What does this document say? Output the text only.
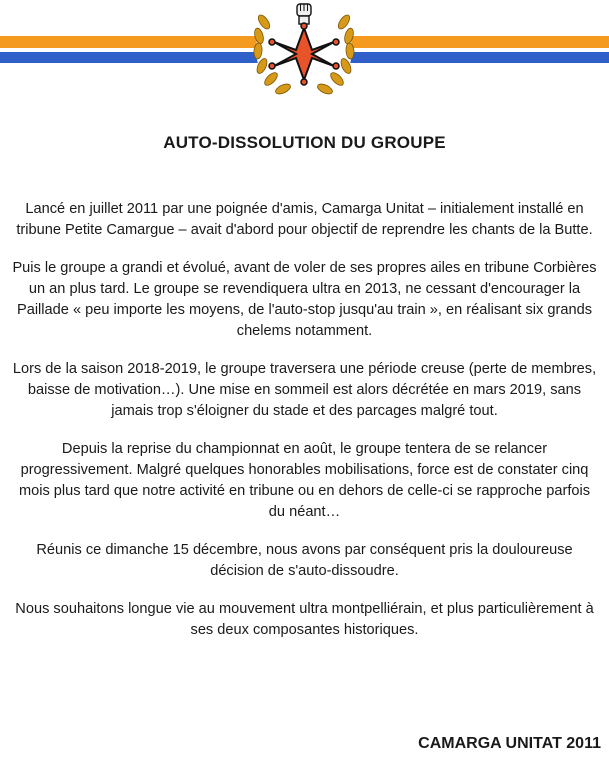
AUTO-DISSOLUTION DU GROUPE

Lancé en juillet 2011 par une poignée d'amis, Camarga Unitat – initialement installé en tribune Petite Camargue – avait d'abord pour objectif de reprendre les chants de la Butte.

Puis le groupe a grandi et évolué, avant de voler de ses propres ailes en tribune Corbières un an plus tard. Le groupe se revendiquera ultra en 2013, ne cessant d'encourager la Paillade « peu importe les moyens, de l'auto-stop jusqu'au train », en réalisant six grands chelems notamment.

Lors de la saison 2018-2019, le groupe traversera une période creuse (perte de membres, baisse de motivation…). Une mise en sommeil est alors décrétée en mars 2019, sans jamais trop s'éloigner du stade et des parcages malgré tout.

Depuis la reprise du championnat en août, le groupe tentera de se relancer progressivement. Malgré quelques honorables mobilisations, force est de constater cinq mois plus tard que notre activité en tribune ou en dehors de celle-ci se rapproche parfois du néant…

Réunis ce dimanche 15 décembre, nous avons par conséquent pris la douloureuse décision de s'auto-dissoudre.

Nous souhaitons longue vie au mouvement ultra montpelliérain, et plus particulièrement à ses deux composantes historiques.

CAMARGA UNITAT 2011
